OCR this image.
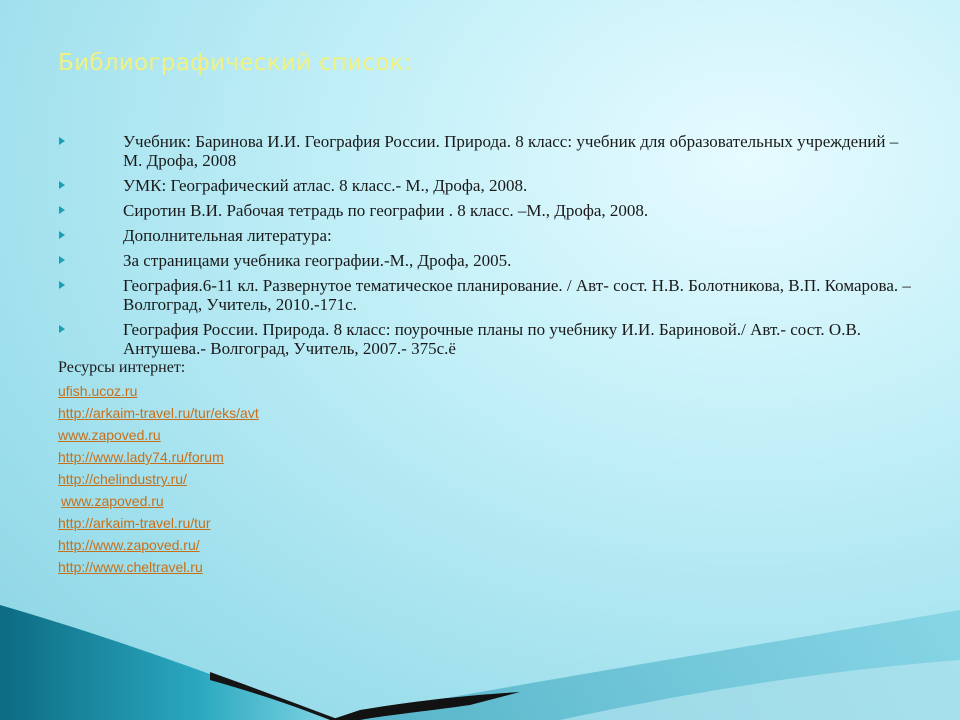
Библиографический список:
Учебник: Баринова И.И. География России. Природа. 8 класс: учебник для образовательных учреждений – М. Дрофа, 2008
УМК: Географический атлас. 8 класс.- М., Дрофа, 2008.
Сиротин В.И. Рабочая тетрадь по географии . 8 класс. –М., Дрофа, 2008.
Дополнительная литература:
За страницами учебника географии.-М., Дрофа, 2005.
География.6-11 кл. Развернутое тематическое планирование. / Авт- сост. Н.В. Болотникова, В.П. Комарова. – Волгоград, Учитель, 2010.-171с.
География России. Природа. 8 класс: поурочные планы по учебнику И.И. Бариновой./ Авт.- сост. О.В. Антушева.- Волгоград, Учитель, 2007.- 375с.ё

Ресурсы интернет:

ufish.ucoz.ru
http://arkaim-travel.ru/tur/eks/avt
www.zapoved.ru
http://www.lady74.ru/forum
http://chelindustry.ru/
www.zapoved.ru
http://arkaim-travel.ru/tur
http://www.zapoved.ru/
http://www.cheltravel.ru
